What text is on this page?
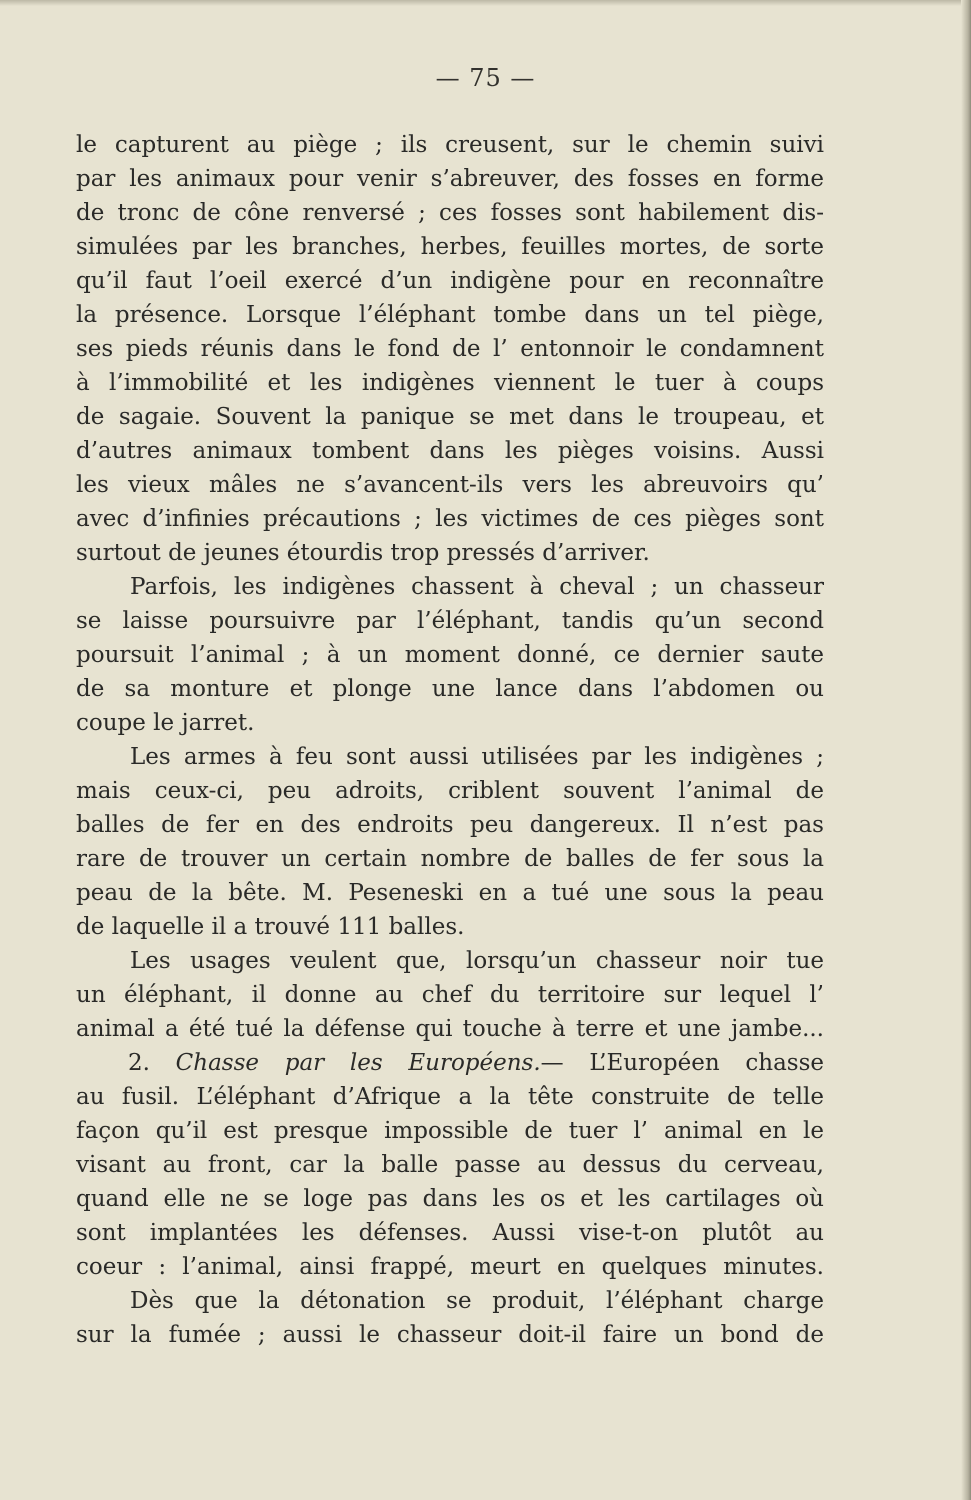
— 75 —
le capturent au piège ; ils creusent, sur le chemin suivi
par les animaux pour venir s’abreuver, des fosses en forme
de tronc de cône renversé ; ces fosses sont habilement dis-
simulées par les branches, herbes, feuilles mortes, de sorte
qu’il faut l’oeil exercé d’un indigène pour en reconnaître
la présence. Lorsque l’éléphant tombe dans un tel piège,
ses pieds réunis dans le fond de l’ entonnoir le condamnent
à l’immobilité et les indigènes viennent le tuer à coups
de sagaie. Souvent la panique se met dans le troupeau, et
d’autres animaux tombent dans les pièges voisins. Aussi
les vieux mâles ne s’avancent-ils vers les abreuvoirs qu’
avec d’infinies précautions ; les victimes de ces pièges sont
surtout de jeunes étourdis trop pressés d’arriver.
Parfois, les indigènes chassent à cheval ; un chasseur
se laisse poursuivre par l’éléphant, tandis qu’un second
poursuit l’animal ; à un moment donné, ce dernier saute
de sa monture et plonge une lance dans l’abdomen ou
coupe le jarret.
Les armes à feu sont aussi utilisées par les indigènes ;
mais ceux-ci, peu adroits, criblent souvent l’animal de
balles de fer en des endroits peu dangereux. Il n’est pas
rare de trouver un certain nombre de balles de fer sous la
peau de la bête. M. Peseneski en a tué une sous la peau
de laquelle il a trouvé 111 balles.
Les usages veulent que, lorsqu’un chasseur noir tue
un éléphant, il donne au chef du territoire sur lequel l’
animal a été tué la défense qui touche à terre et une jambe...
2. Chasse par les Européens.— L’Européen chasse
au fusil. L’éléphant d’Afrique a la tête construite de telle
façon qu’il est presque impossible de tuer l’ animal en le
visant au front, car la balle passe au dessus du cerveau,
quand elle ne se loge pas dans les os et les cartilages où
sont implantées les défenses. Aussi vise-t-on plutôt au
coeur : l’animal, ainsi frappé, meurt en quelques minutes.
Dès que la détonation se produit, l’éléphant charge
sur la fumée ; aussi le chasseur doit-il faire un bond de
